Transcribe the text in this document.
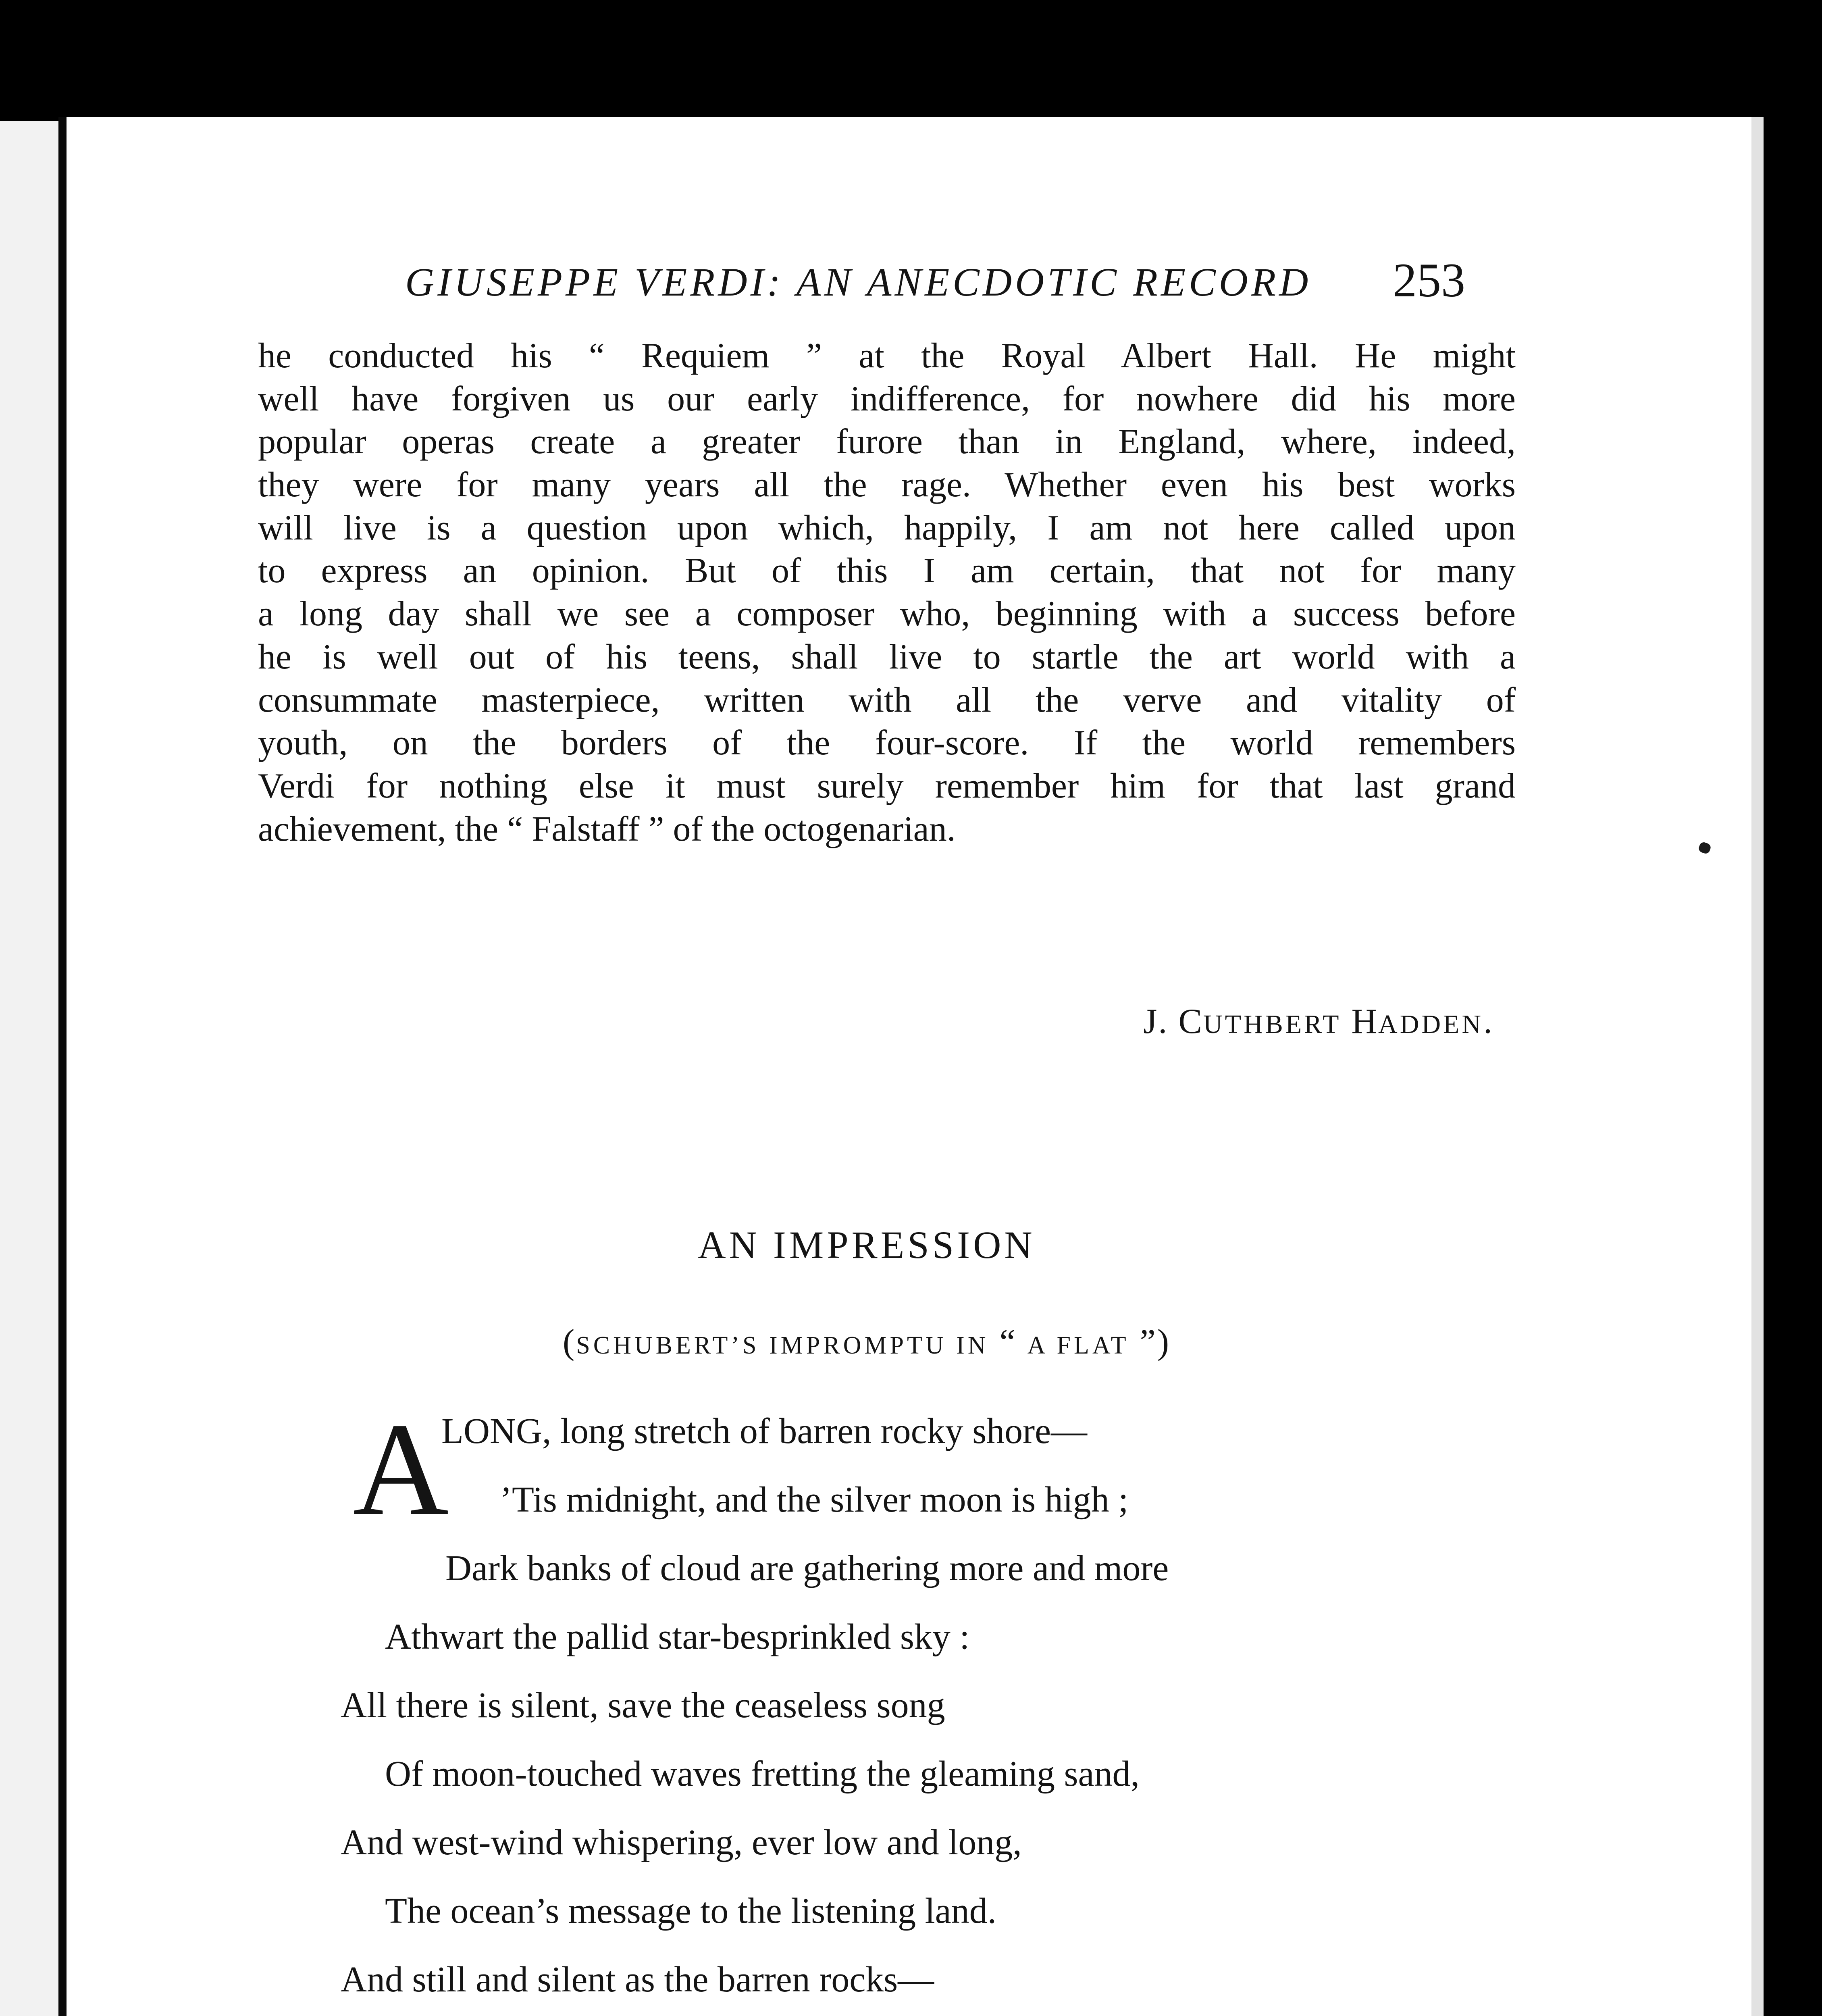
GIUSEPPE VERDI: AN ANECDOTIC RECORD	253
he conducted his “ Requiem ” at the Royal Albert Hall. He might
well have forgiven us our early indifference, for nowhere did his more
popular operas create a greater furore than in England, where, indeed,
they were for many years all the rage. Whether even his best works
will live is a question upon which, happily, I am not here called upon
to express an opinion. But of this I am certain, that not for many
a long day shall we see a composer who, beginning with a success before
he is well out of his teens, shall live to startle the art world with a
consummate masterpiece, written with all the verve and vitality of
youth, on the borders of the four-score. If the world remembers
Verdi for nothing else it must surely remember him for that last grand
achievement, the “ Falstaff ” of the octogenarian.
J. CUTHBERT HADDEN.
AN IMPRESSION
(SCHUBERT’S IMPROMPTU IN “ A FLAT ”)
A
LONG, long stretch of barren rocky shore—
’Tis midnight, and the silver moon is high ;
Dark banks of cloud are gathering more and more
Athwart the pallid star-besprinkled sky :
All there is silent, save the ceaseless song
Of moon-touched waves fretting the gleaming sand,
And west-wind whispering, ever low and long,
The ocean’s message to the listening land.
And still and silent as the barren rocks—
